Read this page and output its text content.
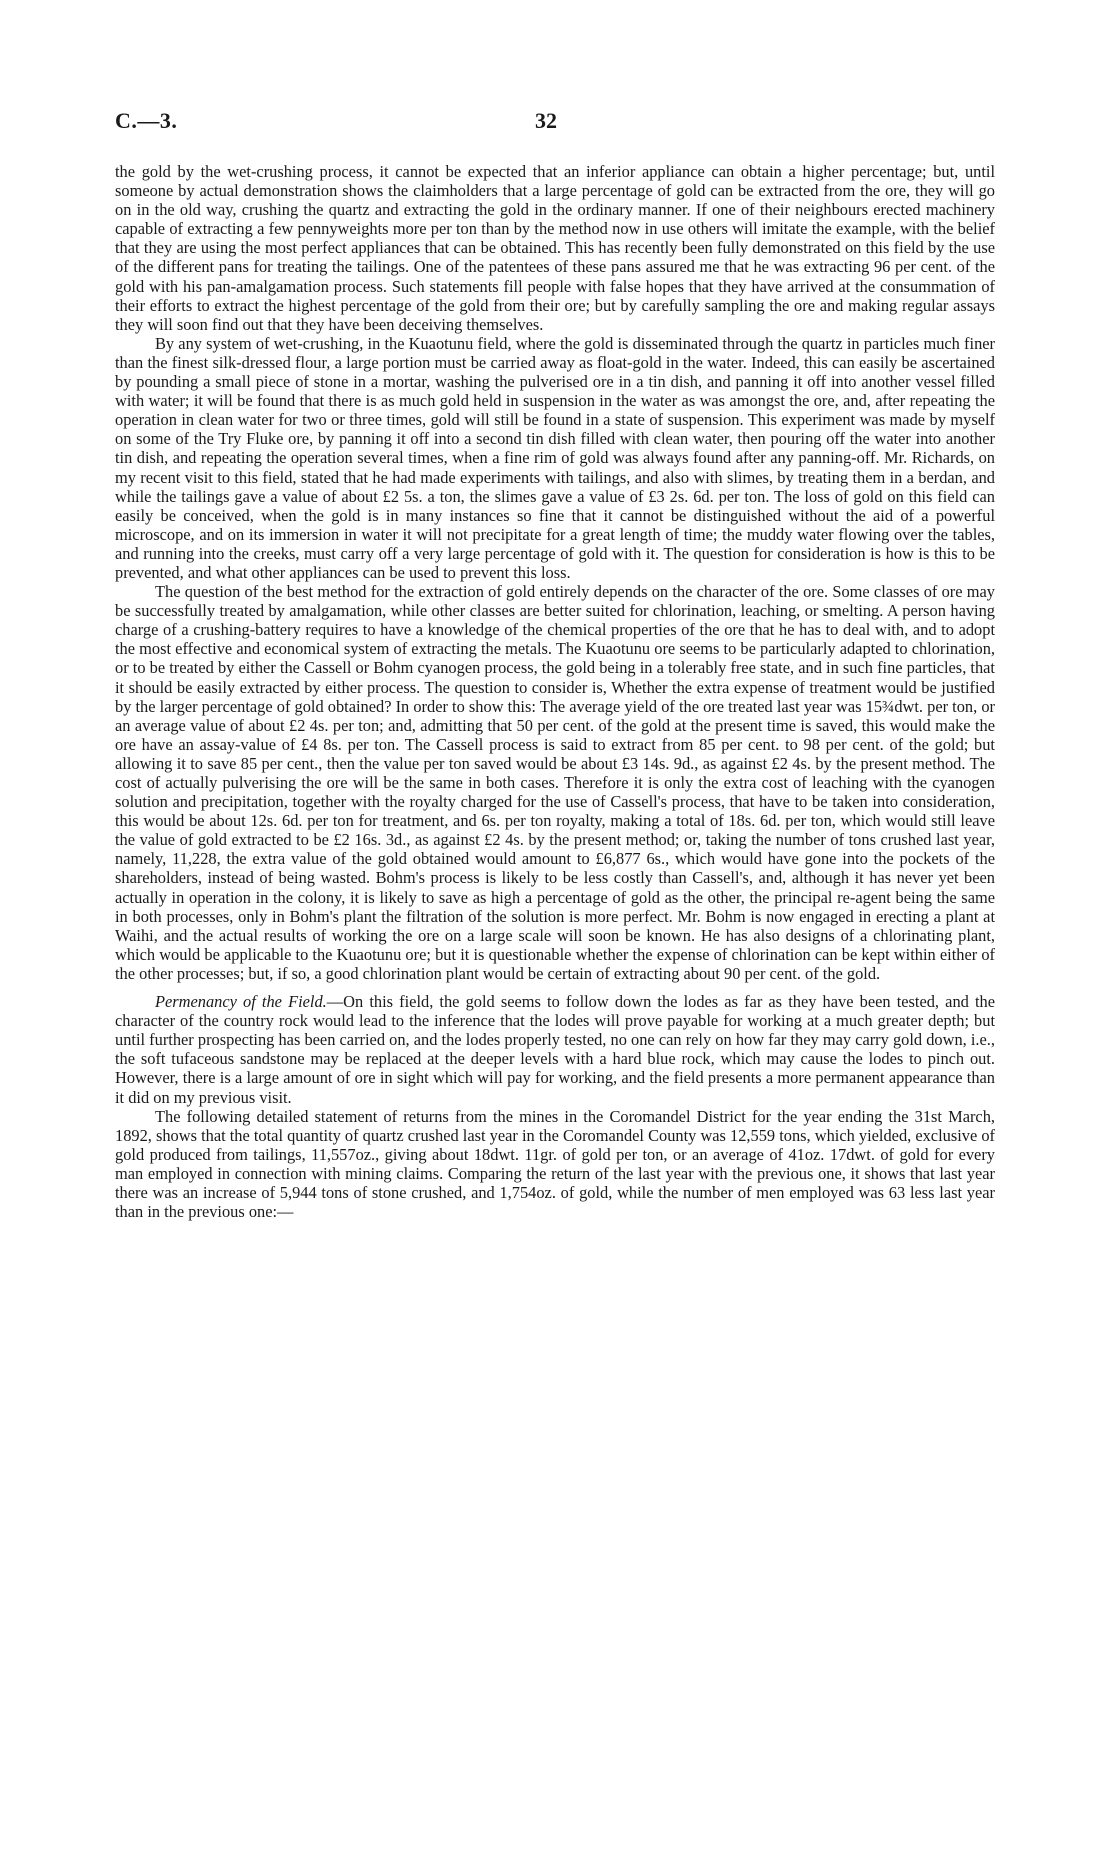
C.—3.	32

the gold by the wet-crushing process, it cannot be expected that an inferior appliance can obtain a higher percentage; but, until someone by actual demonstration shows the claimholders that a large percentage of gold can be extracted from the ore, they will go on in the old way, crushing the quartz and extracting the gold in the ordinary manner. If one of their neighbours erected machinery capable of extracting a few pennyweights more per ton than by the method now in use others will imitate the example, with the belief that they are using the most perfect appliances that can be obtained. This has recently been fully demonstrated on this field by the use of the different pans for treating the tailings. One of the patentees of these pans assured me that he was extracting 96 per cent. of the gold with his pan-amalgamation process. Such statements fill people with false hopes that they have arrived at the consummation of their efforts to extract the highest percentage of the gold from their ore; but by carefully sampling the ore and making regular assays they will soon find out that they have been deceiving themselves.

By any system of wet-crushing, in the Kuaotunu field, where the gold is disseminated through the quartz in particles much finer than the finest silk-dressed flour, a large portion must be carried away as float-gold in the water. Indeed, this can easily be ascertained by pounding a small piece of stone in a mortar, washing the pulverised ore in a tin dish, and panning it off into another vessel filled with water; it will be found that there is as much gold held in suspension in the water as was amongst the ore, and, after repeating the operation in clean water for two or three times, gold will still be found in a state of suspension. This experiment was made by myself on some of the Try Fluke ore, by panning it off into a second tin dish filled with clean water, then pouring off the water into another tin dish, and repeating the operation several times, when a fine rim of gold was always found after any panning-off. Mr. Richards, on my recent visit to this field, stated that he had made experiments with tailings, and also with slimes, by treating them in a berdan, and while the tailings gave a value of about £2 5s. a ton, the slimes gave a value of £3 2s. 6d. per ton. The loss of gold on this field can easily be conceived, when the gold is in many instances so fine that it cannot be distinguished without the aid of a powerful microscope, and on its immersion in water it will not precipitate for a great length of time; the muddy water flowing over the tables, and running into the creeks, must carry off a very large percentage of gold with it. The question for consideration is how is this to be prevented, and what other appliances can be used to prevent this loss.

The question of the best method for the extraction of gold entirely depends on the character of the ore. Some classes of ore may be successfully treated by amalgamation, while other classes are better suited for chlorination, leaching, or smelting. A person having charge of a crushing-battery requires to have a knowledge of the chemical properties of the ore that he has to deal with, and to adopt the most effective and economical system of extracting the metals. The Kuaotunu ore seems to be particularly adapted to chlorination, or to be treated by either the Cassell or Bohm cyanogen process, the gold being in a tolerably free state, and in such fine particles, that it should be easily extracted by either process. The question to consider is, Whether the extra expense of treatment would be justified by the larger percentage of gold obtained? In order to show this: The average yield of the ore treated last year was 15¾dwt. per ton, or an average value of about £2 4s. per ton; and, admitting that 50 per cent. of the gold at the present time is saved, this would make the ore have an assay-value of £4 8s. per ton. The Cassell process is said to extract from 85 per cent. to 98 per cent. of the gold; but allowing it to save 85 per cent., then the value per ton saved would be about £3 14s. 9d., as against £2 4s. by the present method. The cost of actually pulverising the ore will be the same in both cases. Therefore it is only the extra cost of leaching with the cyanogen solution and precipitation, together with the royalty charged for the use of Cassell's process, that have to be taken into consideration, this would be about 12s. 6d. per ton for treatment, and 6s. per ton royalty, making a total of 18s. 6d. per ton, which would still leave the value of gold extracted to be £2 16s. 3d., as against £2 4s. by the present method; or, taking the number of tons crushed last year, namely, 11,228, the extra value of the gold obtained would amount to £6,877 6s., which would have gone into the pockets of the shareholders, instead of being wasted. Bohm's process is likely to be less costly than Cassell's, and, although it has never yet been actually in operation in the colony, it is likely to save as high a percentage of gold as the other, the principal re-agent being the same in both processes, only in Bohm's plant the filtration of the solution is more perfect. Mr. Bohm is now engaged in erecting a plant at Waihi, and the actual results of working the ore on a large scale will soon be known. He has also designs of a chlorinating plant, which would be applicable to the Kuaotunu ore; but it is questionable whether the expense of chlorination can be kept within either of the other processes; but, if so, a good chlorination plant would be certain of extracting about 90 per cent. of the gold.

Permenancy of the Field.—On this field, the gold seems to follow down the lodes as far as they have been tested, and the character of the country rock would lead to the inference that the lodes will prove payable for working at a much greater depth; but until further prospecting has been carried on, and the lodes properly tested, no one can rely on how far they may carry gold down, i.e., the soft tufaceous sandstone may be replaced at the deeper levels with a hard blue rock, which may cause the lodes to pinch out. However, there is a large amount of ore in sight which will pay for working, and the field presents a more permanent appearance than it did on my previous visit.

The following detailed statement of returns from the mines in the Coromandel District for the year ending the 31st March, 1892, shows that the total quantity of quartz crushed last year in the Coromandel County was 12,559 tons, which yielded, exclusive of gold produced from tailings, 11,557oz., giving about 18dwt. 11gr. of gold per ton, or an average of 41oz. 17dwt. of gold for every man employed in connection with mining claims. Comparing the return of the last year with the previous one, it shows that last year there was an increase of 5,944 tons of stone crushed, and 1,754oz. of gold, while the number of men employed was 63 less last year than in the previous one:—
